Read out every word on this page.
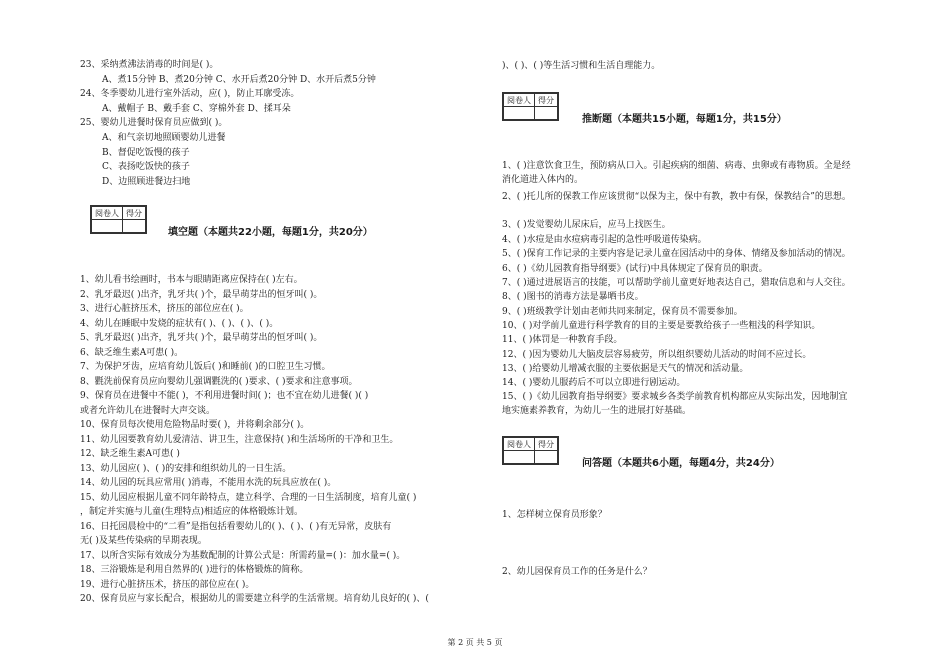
23、采纳煮沸法消毒的时间是( )。
A、煮15分钟 B、煮20分钟 C、水开后煮20分钟 D、水开后煮5分钟
24、冬季婴幼儿进行室外活动，应( )，防止耳廓受冻。
A、戴帽子 B、戴手套 C、穿棉外套 D、揉耳朵
25、婴幼儿进餐时保育员应做到( )。
A、和气亲切地照顾婴幼儿进餐
B、督促吃饭慢的孩子
C、表扬吃饭快的孩子
D、边照顾进餐边扫地
阅卷人	得分

填空题（本题共22小题，每题1分，共20分）
1、幼儿看书绘画时，书本与眼睛距离应保持在( )左右。
2、乳牙最迟( )出齐，乳牙共( )个，最早萌芽出的恒牙叫( )。
3、进行心脏挤压术，挤压的部位应在( )。
4、幼儿在睡眠中发烧的症状有( )、( )、( )、( )。
5、乳牙最迟( )出齐，乳牙共( )个，最早萌芽出的恒牙叫( )。
6、缺乏维生素A可患( )。
7、为保护牙齿，应培育幼儿饭后( )和睡前( )的口腔卫生习惯。
8、氍洗前保育员应向婴幼儿强调氍洗的( )要求、( )要求和注意事项。
9、保育员在进餐中不能( )，不利用进餐时间( )；也不宜在幼儿进餐( )( )
或者允许幼儿在进餐时大声交谈。
10、保育员每次使用危险物品时要( )，并将剩余部分( )。
11、幼儿园要教育幼儿爱清洁、讲卫生，注意保持( )和生活场所的干净和卫生。
12、缺乏维生素A可患( )
13、幼儿园应( )、( )的安排和组织幼儿的一日生活。
14、幼儿园的玩具应常用( )消毒，不能用水洗的玩具应放在( )。
15、幼儿园应根据儿童不同年龄特点，建立科学、合理的一日生活制度，培育儿童( )
，制定并实施与儿童(生理特点)相适应的体格锻炼计划。
16、日托园晨检中的“二看”是指包括看婴幼儿的( )、( )、( )有无异常，皮肤有
无( )及某些传染病的早期表现。
17、以所含实际有效成分为基数配制的计算公式是：所需药量=( )：加水量=( )。
18、三浴锻炼是利用自然界的( )进行的体格锻炼的简称。
19、进行心脏挤压术，挤压的部位应在( )。
20、保育员应与家长配合，根据幼儿的需要建立科学的生活常规。培育幼儿良好的( )、(
)、( )、( )等生活习惯和生活自理能力。
阅卷人	得分

推断题（本题共15小题，每题1分，共15分）
1、( )注意饮食卫生，预防病从口入。引起疾病的细菌、病毒、虫卵或有毒物质。全是经
消化道进入体内的。
2、( )托儿所的保教工作应该贯彻“以保为主，保中有教，教中有保，保教结合”的思想。
3、( )发觉婴幼儿尿床后，应马上找医生。
4、( )水痘是由水痘病毒引起的急性呼吸道传染病。
5、( )保育工作记录的主要内容是记录儿童在园活动中的身体、情绪及参加活动的情况。
6、( )《幼儿园教育指导纲要》(试行)中具体规定了保育员的职责。
7、( )通过进展语言的技能，可以帮助学前儿童更好地表达自己，猎取信息和与人交往。
8、( )图书的消毒方法是暴晒书皮。
9、( )班级教学计划由老师共同来制定，保育员不需要参加。
10、( )对学前儿童进行科学教育的目的主要是要教给孩子一些粗浅的科学知识。
11、( )体罚是一种教育手段。
12、( )因为婴幼儿大脑皮层容易疲劳，所以组织婴幼儿活动的时间不应过长。
13、( )给婴幼儿增减衣服的主要依据是天气的情况和活动量。
14、( )婴幼儿服药后不可以立即进行剧运动。
15、( )《幼儿园教育指导纲要》要求城乡各类学前教育机构都应从实际出发，因地制宜
地实施素养教育，为幼儿一生的进展打好基础。
阅卷人	得分

问答题（本题共6小题，每题4分，共24分）
1、怎样树立保育员形象？
2、幼儿园保育员工作的任务是什么？
第 2 页 共 5 页
